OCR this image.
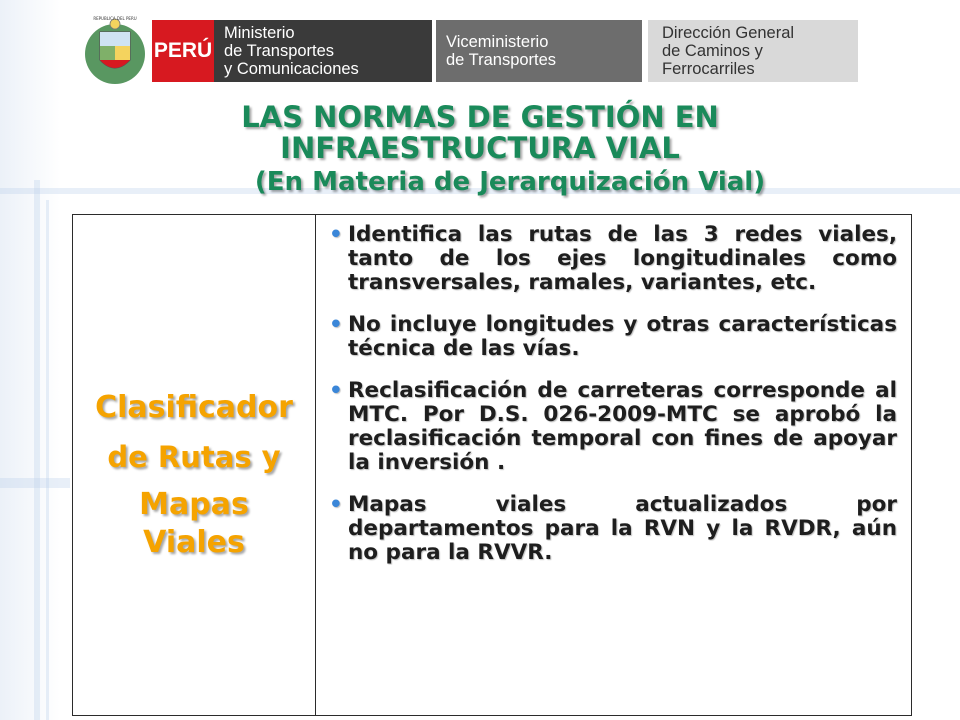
REPUBLICA DEL PERU
PERÚ
Ministerio
de Transportes
y Comunicaciones
Viceministerio
de Transportes
Dirección General
de Caminos y
Ferrocarriles
LAS NORMAS DE GESTIÓN EN
INFRAESTRUCTURA VIAL
(En Materia de Jerarquización Vial)
Clasificador
de Rutas y
Mapas
Viales

• Identifica las rutas de las 3 redes viales, tanto de los ejes longitudinales como transversales, ramales, variantes, etc.

• No incluye longitudes y otras características técnica de las vías.

• Reclasificación de carreteras corresponde al MTC. Por D.S. 026-2009-MTC se aprobó la reclasificación temporal con fines de apoyar la inversión .

• Mapas viales actualizados por departamentos para la RVN y la RVDR, aún no para la RVVR.
